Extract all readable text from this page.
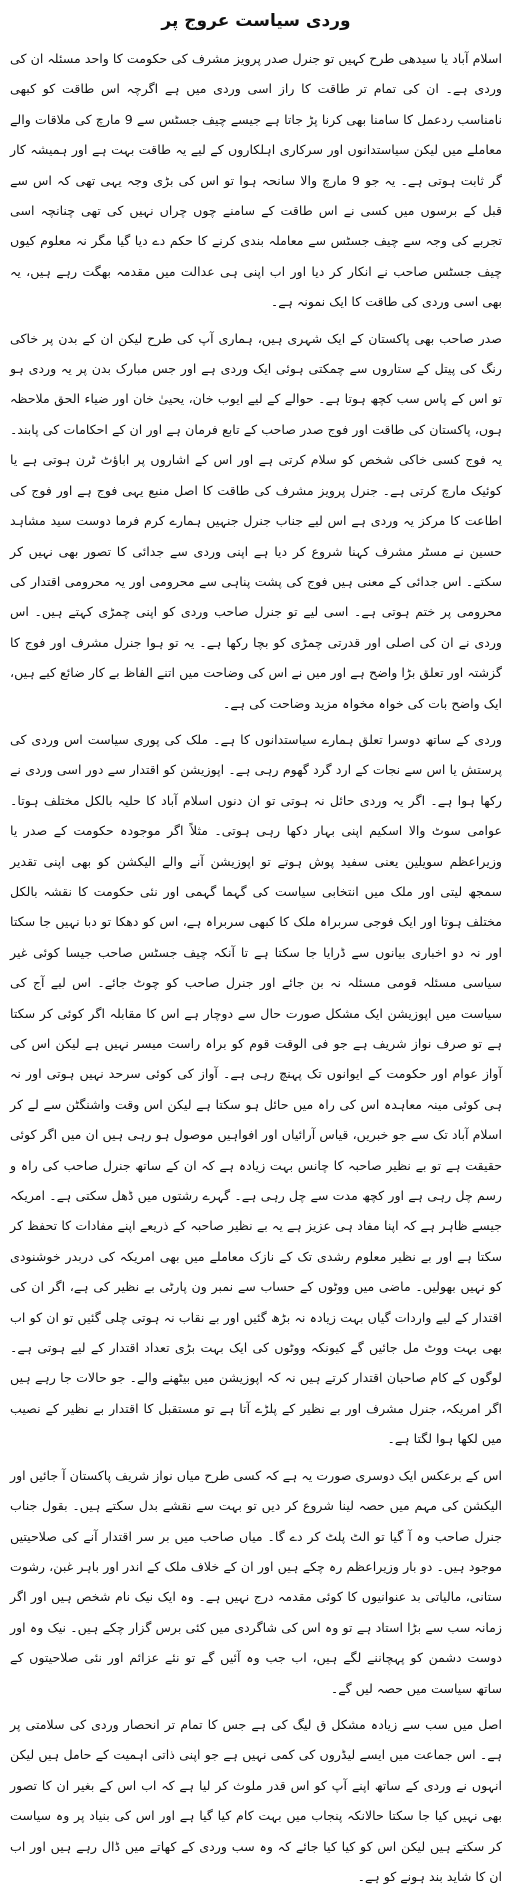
وردی سیاست عروج پر

اسلام آباد یا سیدھی طرح کہیں تو جنرل صدر پرویز مشرف کی حکومت کا واحد مسئلہ ان کی وردی ہے۔ ان کی تمام تر طاقت کا راز اسی وردی میں ہے اگرچہ اس طاقت کو کبھی نامناسب ردعمل کا سامنا بھی کرنا پڑ جاتا ہے جیسے چیف جسٹس سے 9 مارچ کی ملاقات والے معاملے میں لیکن سیاستدانوں اور سرکاری اہلکاروں کے لیے یہ طاقت بہت ہے اور ہمیشہ کار گر ثابت ہوتی ہے۔ یہ جو 9 مارچ والا سانحہ ہوا تو اس کی بڑی وجہ یہی تھی کہ اس سے قبل کے برسوں میں کسی نے اس طاقت کے سامنے چوں چراں نہیں کی تھی چنانچہ اسی تجربے کی وجہ سے چیف جسٹس سے معاملہ بندی کرنے کا حکم دے دیا گیا مگر نہ معلوم کیوں چیف جسٹس صاحب نے انکار کر دیا اور اب اپنی ہی عدالت میں مقدمہ بھگت رہے ہیں، یہ بھی اسی وردی کی طاقت کا ایک نمونہ ہے۔

صدر صاحب بھی پاکستان کے ایک شہری ہیں، ہماری آپ کی طرح لیکن ان کے بدن پر خاکی رنگ کی پیتل کے ستاروں سے چمکتی ہوئی ایک وردی ہے اور جس مبارک بدن پر یہ وردی ہو تو اس کے پاس سب کچھ ہوتا ہے۔ حوالے کے لیے ایوب خان، یحییٰ خان اور ضیاء الحق ملاحظہ ہوں، پاکستان کی طاقت اور فوج صدر صاحب کے تابع فرمان ہے اور ان کے احکامات کی پابند۔ یہ فوج کسی خاکی شخص کو سلام کرتی ہے اور اس کے اشاروں پر اباؤٹ ٹرن ہوتی ہے یا کوئیک مارچ کرتی ہے۔ جنرل پرویز مشرف کی طاقت کا اصل منبع یہی فوج ہے اور فوج کی اطاعت کا مرکز یہ وردی ہے اس لیے جناب جنرل جنہیں ہمارے کرم فرما دوست سید مشاہد حسین نے مسٹر مشرف کہنا شروع کر دیا ہے اپنی وردی سے جدائی کا تصور بھی نہیں کر سکتے۔ اس جدائی کے معنی ہیں فوج کی پشت پناہی سے محرومی اور یہ محرومی اقتدار کی محرومی پر ختم ہوتی ہے۔ اسی لیے تو جنرل صاحب وردی کو اپنی چمڑی کہتے ہیں۔ اس وردی نے ان کی اصلی اور قدرتی چمڑی کو بچا رکھا ہے۔ یہ تو ہوا جنرل مشرف اور فوج کا گزشتہ اور تعلق بڑا واضح ہے اور میں نے اس کی وضاحت میں اتنے الفاظ بے کار ضائع کیے ہیں، ایک واضح بات کی خواہ مخواہ مزید وضاحت کی ہے۔

وردی کے ساتھ دوسرا تعلق ہمارے سیاستدانوں کا ہے۔ ملک کی پوری سیاست اس وردی کی پرستش یا اس سے نجات کے ارد گرد گھوم رہی ہے۔ اپوزیشن کو اقتدار سے دور اسی وردی نے رکھا ہوا ہے۔ اگر یہ وردی حائل نہ ہوتی تو ان دنوں اسلام آباد کا حلیہ بالکل مختلف ہوتا۔ عوامی سوٹ والا اسکیم اپنی بہار دکھا رہی ہوتی۔ مثلاً اگر موجودہ حکومت کے صدر یا وزیراعظم سویلین یعنی سفید پوش ہوتے تو اپوزیشن آنے والے الیکشن کو بھی اپنی تقدیر سمجھ لیتی اور ملک میں انتخابی سیاست کی گہما گہمی اور نئی حکومت کا نقشہ بالکل مختلف ہوتا اور ایک فوجی سربراہ ملک کا کبھی سربراہ ہے، اس کو دھکا تو دبا نہیں جا سکتا اور نہ دو اخباری بیانوں سے ڈرایا جا سکتا ہے تا آنکہ چیف جسٹس صاحب جیسا کوئی غیر سیاسی مسئلہ قومی مسئلہ نہ بن جائے اور جنرل صاحب کو چوٹ جائے۔ اس لیے آج کی سیاست میں اپوزیشن ایک مشکل صورت حال سے دوچار ہے اس کا مقابلہ اگر کوئی کر سکتا ہے تو صرف نواز شریف ہے جو فی الوقت قوم کو براہ راست میسر نہیں ہے لیکن اس کی آواز عوام اور حکومت کے ایوانوں تک پہنچ رہی ہے۔ آواز کی کوئی سرحد نہیں ہوتی اور نہ ہی کوئی مینہ معاہدہ اس کی راہ میں حائل ہو سکتا ہے لیکن اس وقت واشنگٹن سے لے کر اسلام آباد تک سے جو خبریں، قیاس آرائیاں اور افواہیں موصول ہو رہی ہیں ان میں اگر کوئی حقیقت ہے تو بے نظیر صاحبہ کا چانس بہت زیادہ ہے کہ ان کے ساتھ جنرل صاحب کی راہ و رسم چل رہی ہے اور کچھ مدت سے چل رہی ہے۔ گہرے رشتوں میں ڈھل سکتی ہے۔ امریکہ جیسے ظاہر ہے کہ اپنا مفاد ہی عزیز ہے یہ بے نظیر صاحبہ کے ذریعے اپنے مفادات کا تحفظ کر سکتا ہے اور بے نظیر معلوم رشدی تک کے نازک معاملے میں بھی امریکہ کی دربدر خوشنودی کو نہیں بھولیں۔ ماضی میں ووٹوں کے حساب سے نمبر ون پارٹی بے نظیر کی ہے، اگر ان کی اقتدار کے لیے واردات گیاں بہت زیادہ نہ بڑھ گئیں اور بے نقاب نہ ہوتی چلی گئیں تو ان کو اب بھی بہت ووٹ مل جائیں گے کیونکہ ووٹوں کی ایک بہت بڑی تعداد اقتدار کے لیے ہوتی ہے۔ لوگوں کے کام صاحبان اقتدار کرتے ہیں نہ کہ اپوزیشن میں بیٹھنے والے۔ جو حالات جا رہے ہیں اگر امریکہ، جنرل مشرف اور بے نظیر کے پلڑے آتا ہے تو مستقبل کا اقتدار بے نظیر کے نصیب میں لکھا ہوا لگتا ہے۔

اس کے برعکس ایک دوسری صورت یہ ہے کہ کسی طرح میاں نواز شریف پاکستان آ جائیں اور الیکشن کی مہم میں حصہ لینا شروع کر دیں تو بہت سے نقشے بدل سکتے ہیں۔ بقول جناب جنرل صاحب وہ آ گیا تو الٹ پلٹ کر دے گا۔ میاں صاحب میں بر سر اقتدار آنے کی صلاحیتیں موجود ہیں۔ دو بار وزیراعظم رہ چکے ہیں اور ان کے خلاف ملک کے اندر اور باہر غبن، رشوت ستانی، مالیاتی بد عنوانیوں کا کوئی مقدمہ درج نہیں ہے۔ وہ ایک نیک نام شخص ہیں اور اگر زمانہ سب سے بڑا استاد ہے تو وہ اس کی شاگردی میں کئی برس گزار چکے ہیں۔ نیک وہ اور دوست دشمن کو پہچاننے لگے ہیں، اب جب وہ آئیں گے تو نئے عزائم اور نئی صلاحیتوں کے ساتھ سیاست میں حصہ لیں گے۔

اصل میں سب سے زیادہ مشکل ق لیگ کی ہے جس کا تمام تر انحصار وردی کی سلامتی پر ہے۔ اس جماعت میں ایسے لیڈروں کی کمی نہیں ہے جو اپنی ذاتی اہمیت کے حامل ہیں لیکن انہوں نے وردی کے ساتھ اپنے آپ کو اس قدر ملوث کر لیا ہے کہ اب اس کے بغیر ان کا تصور بھی نہیں کیا جا سکتا حالانکہ پنجاب میں بہت کام کیا گیا ہے اور اس کی بنیاد پر وہ سیاست کر سکتے ہیں لیکن اس کو کیا کیا جائے کہ وہ سب وردی کے کھاتے میں ڈال رہے ہیں اور اب ان کا شاید بند ہونے کو ہے۔
